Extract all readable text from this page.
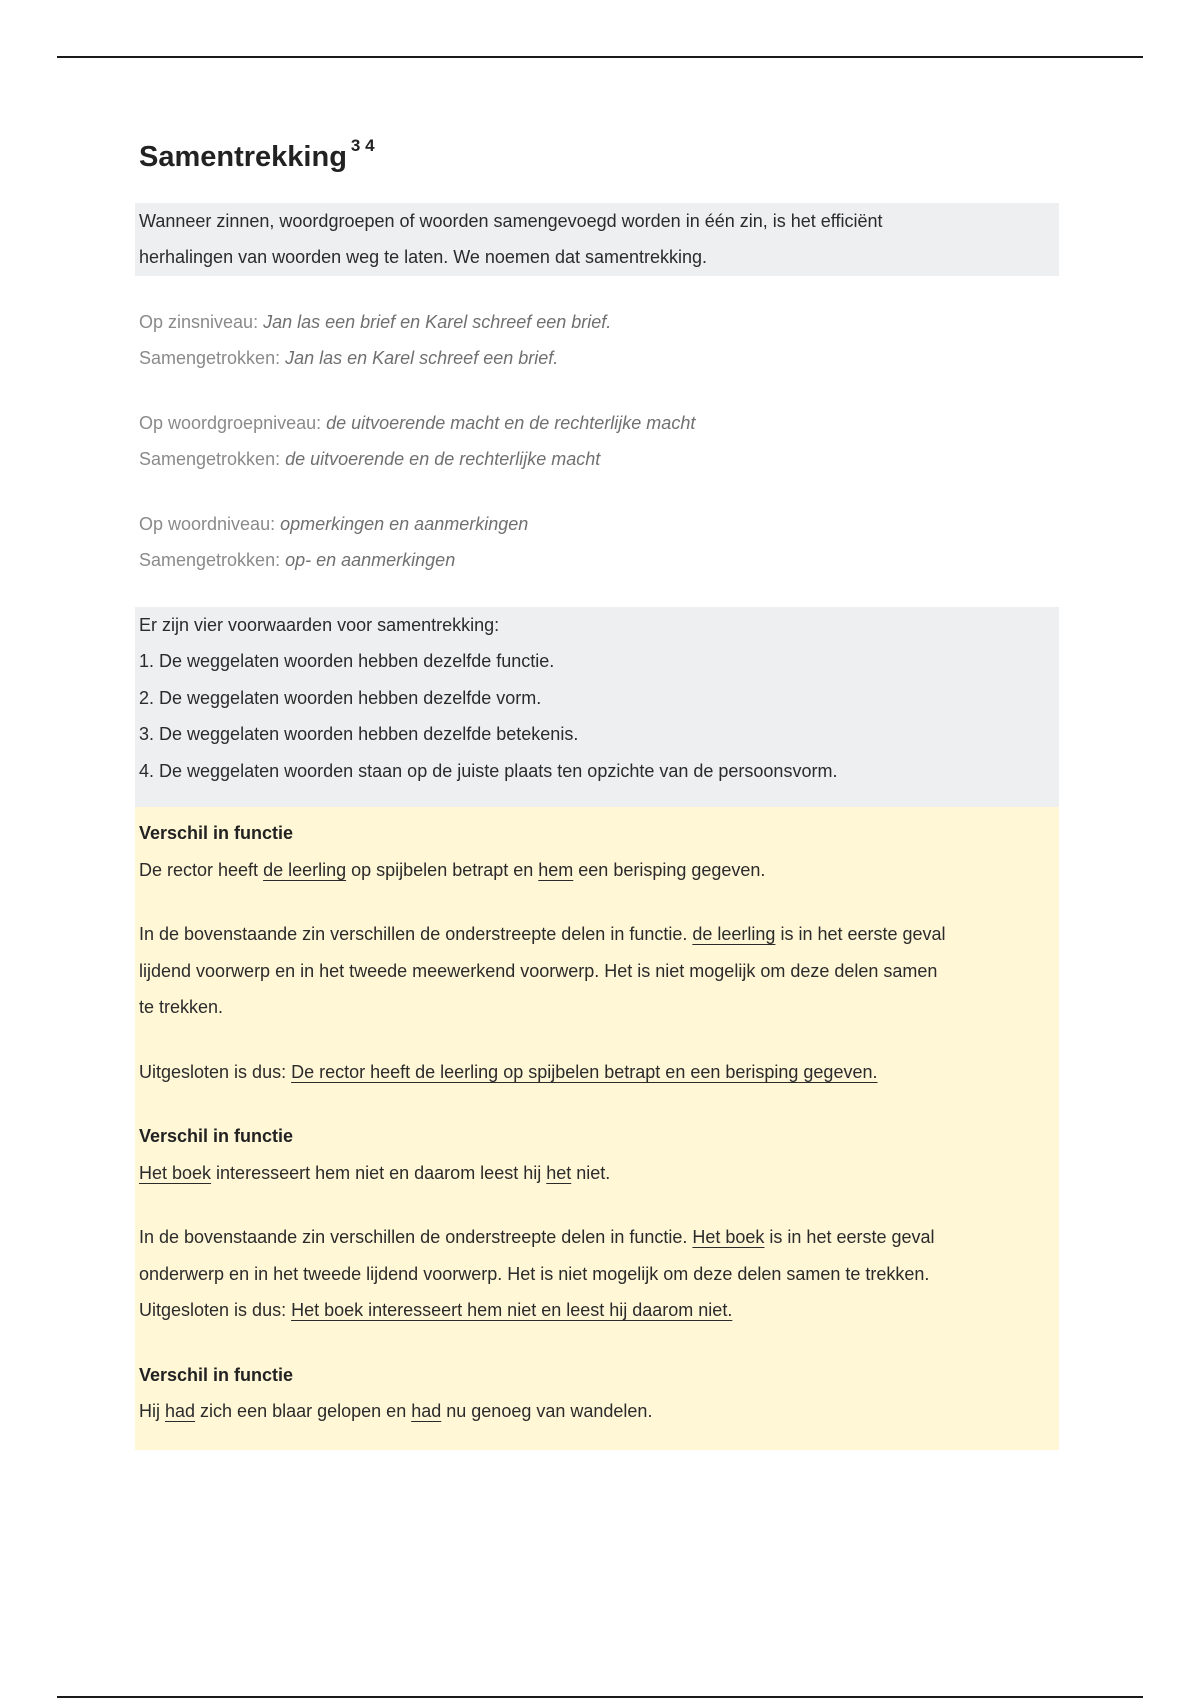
Samentrekking $^{3 4}$

Wanneer zinnen, woordgroepen of woorden samengevoegd worden in één zin, is het efficiënt

herhalingen van woorden weg te laten. We noemen dat samentrekking.

Op zinsniveau: Jan las een brief en Karel schreef een brief.

Samengetrokken: Jan las en Karel schreef een brief.

Op woordgroepniveau: de uitvoerende macht en de rechterlijke macht

Samengetrokken: de uitvoerende en de rechterlijke macht

Op woordniveau: opmerkingen en aanmerkingen

Samengetrokken: op- en aanmerkingen

Er zijn vier voorwaarden voor samentrekking:

1. De weggelaten woorden hebben dezelfde functie.

2. De weggelaten woorden hebben dezelfde vorm.

3. De weggelaten woorden hebben dezelfde betekenis.

4. De weggelaten woorden staan op de juiste plaats ten opzichte van de persoonsvorm.

Verschil in functie

De rector heeft de leerling op spijbelen betrapt en hem een berisping gegeven.

In de bovenstaande zin verschillen de onderstreepte delen in functie. de leerling is in het eerste geval

lijdend voorwerp en in het tweede meewerkend voorwerp. Het is niet mogelijk om deze delen samen

te trekken.

Uitgesloten is dus: De rector heeft de leerling op spijbelen betrapt en een berisping gegeven.

Verschil in functie

Het boek interesseert hem niet en daarom leest hij het niet.

In de bovenstaande zin verschillen de onderstreepte delen in functie. Het boek is in het eerste geval

onderwerp en in het tweede lijdend voorwerp. Het is niet mogelijk om deze delen samen te trekken.

Uitgesloten is dus: Het boek interesseert hem niet en leest hij daarom niet.

Verschil in functie

Hij had zich een blaar gelopen en had nu genoeg van wandelen.
